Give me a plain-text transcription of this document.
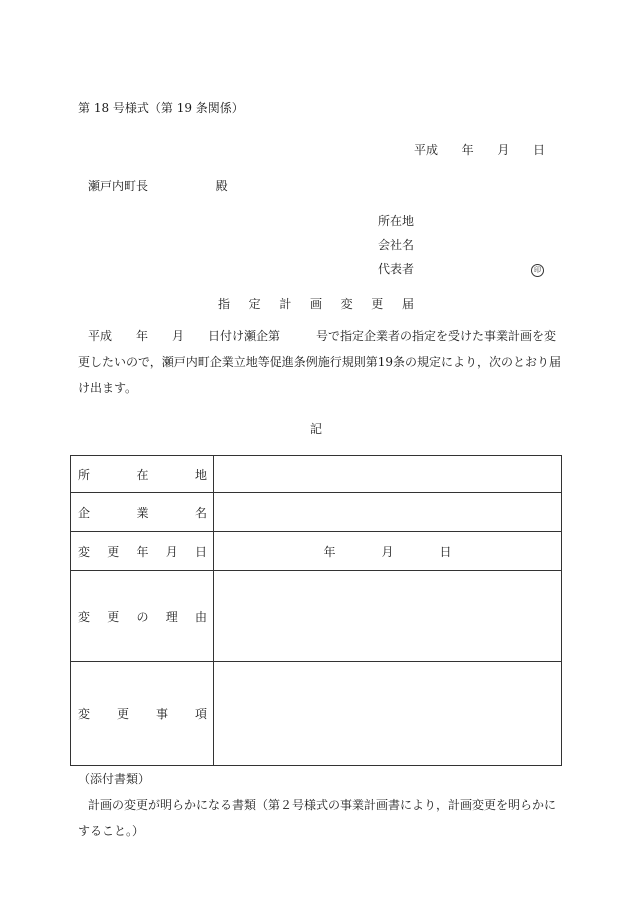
第 18 号様式（第 19 条関係）
平成 年 月 日
瀬戸内町長	殿
所在地
会社名
代表者	印
指 定 計 画 変 更 届
平成　　年　　月　　日付け瀬企第　　　号で指定企業者の指定を受けた事業計画を変
更したいので，瀬戸内町企業立地等促進条例施行規則第19条の規定により，次のとおり届
け出ます。
記
所 在 地	

企 業 名	

変 更 年 月 日	年 月 日

変 更 の 理 由	

変 更 事 項	

（添付書類）
計画の変更が明らかになる書類（第２号様式の事業計画書により，計画変更を明らかに
すること。）
